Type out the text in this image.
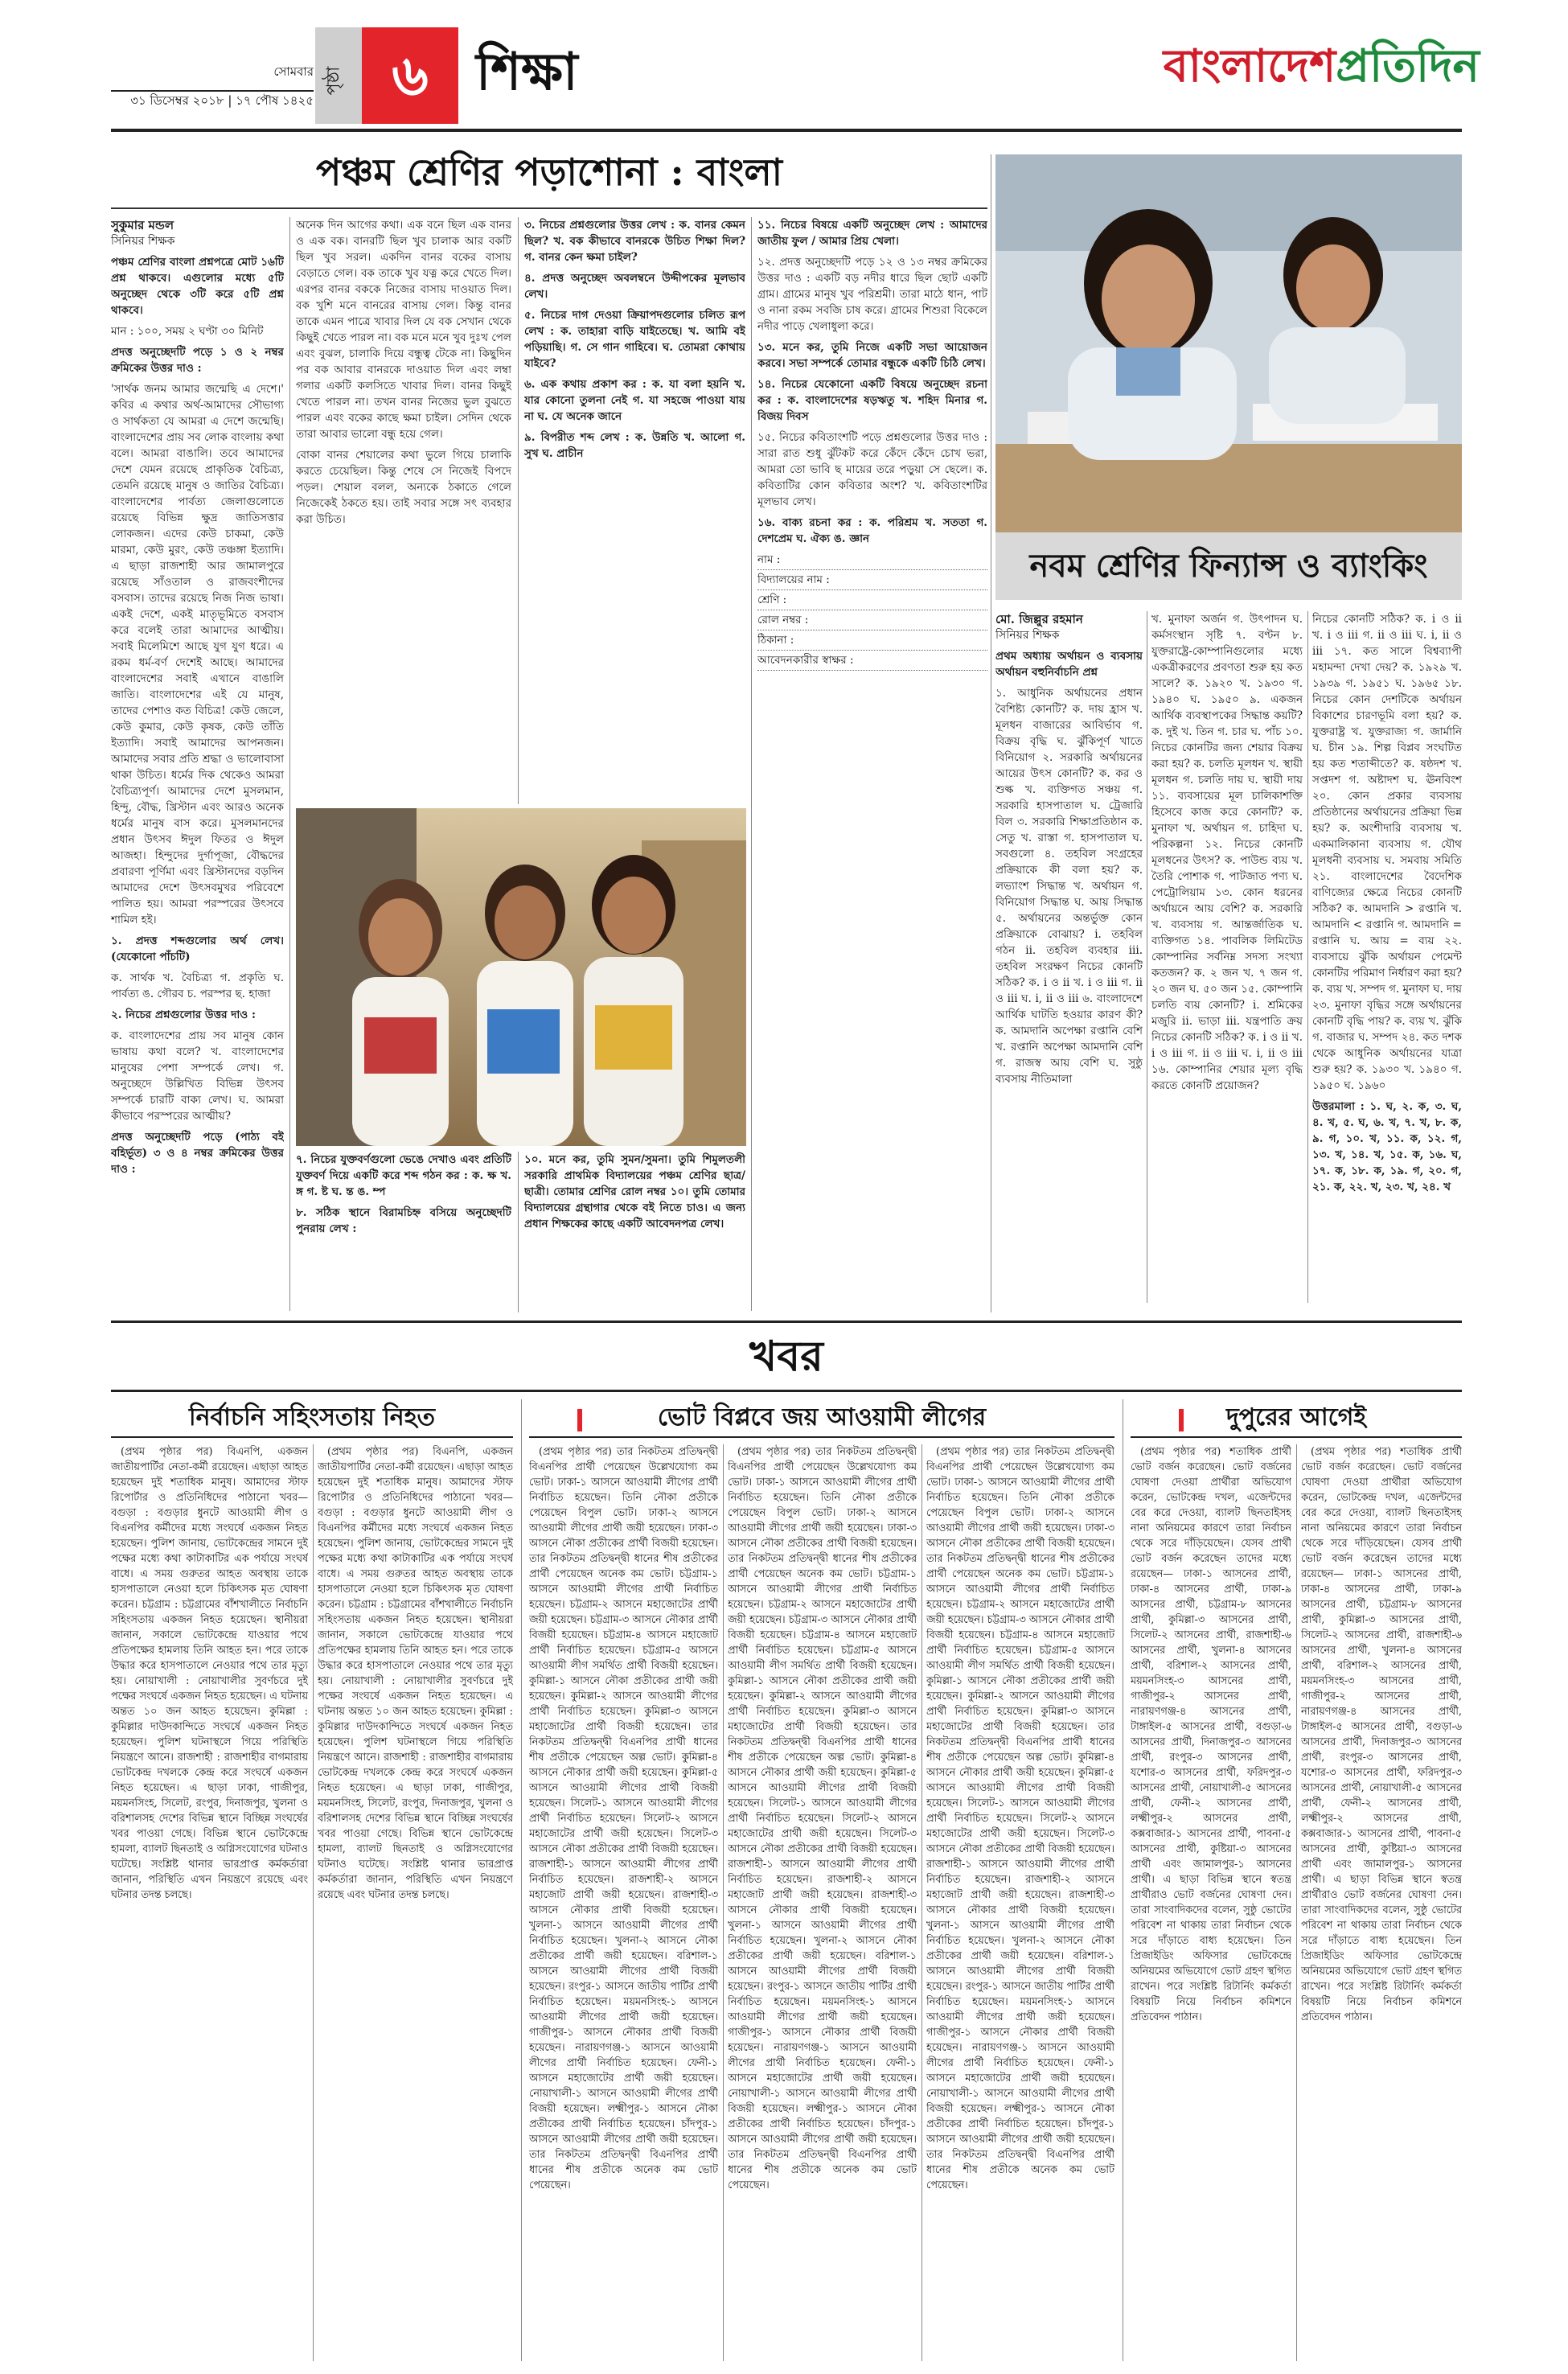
সোমবার
৩১ ডিসেম্বর ২০১৮ | ১৭ পৌষ ১৪২৫
পৃষ্ঠা ৬ শিক্ষা	বাংলাদেশপ্রতিদিন
পঞ্চম শ্রেণির পড়াশোনা : বাংলা

সুকুমার মন্ডল
সিনিয়র শিক্ষক

পঞ্চম শ্রেণির বাংলা প্রশ্নপত্রে মোট ১৬টি প্রশ্ন থাকবে। এগুলোর মধ্যে ৫টি অনুচ্ছেদ থেকে ৩টি করে ৫টি প্রশ্ন থাকবে।

মান : ১০০, সময় ২ ঘণ্টা ৩০ মিনিট

প্রদত্ত অনুচ্ছেদটি পড়ে ১ ও ২ নম্বর ক্রমিকের উত্তর দাও :

'সার্থক জনম আমার জন্মেছি এ দেশে।' কবির এ কথার অর্থ-আমাদের সৌভাগ্য ও সার্থকতা যে আমরা এ দেশে জন্মেছি। বাংলাদেশের প্রায় সব লোক বাংলায় কথা বলে। আমরা বাঙালি। তবে আমাদের দেশে যেমন রয়েছে প্রাকৃতিক বৈচিত্র্য, তেমনি রয়েছে মানুষ ও জাতির বৈচিত্র্য। বাংলাদেশের পার্বত্য জেলাগুলোতে রয়েছে বিভিন্ন ক্ষুদ্র জাতিসত্তার লোকজন। এদের কেউ চাকমা, কেউ মারমা, কেউ মুরং, কেউ তঞ্চঙ্গা ইত্যাদি। এ ছাড়া রাজশাহী আর জামালপুরে রয়েছে সাঁওতাল ও রাজবংশীদের বসবাস। তাদের রয়েছে নিজ নিজ ভাষা। একই দেশে, একই মাতৃভূমিতে বসবাস করে বলেই তারা আমাদের আত্মীয়। সবাই মিলেমিশে আছে যুগ যুগ ধরে। এ রকম ধর্ম-বর্ণ দেশেই আছে। আমাদের বাংলাদেশের সবাই এখানে বাঙালি জাতি। বাংলাদেশের এই যে মানুষ, তাদের পেশাও কত বিচিত্র! কেউ জেলে, কেউ কুমার, কেউ কৃষক, কেউ তাঁতি ইত্যাদি। সবাই আমাদের আপনজন। আমাদের সবার প্রতি শ্রদ্ধা ও ভালোবাসা থাকা উচিত। ধর্মের দিক থেকেও আমরা বৈচিত্র্যপূর্ণ। আমাদের দেশে মুসলমান, হিন্দু, বৌদ্ধ, খ্রিস্টান এবং আরও অনেক ধর্মের মানুষ বাস করে। মুসলমানদের প্রধান উৎসব ঈদুল ফিতর ও ঈদুল আজহা। হিন্দুদের দুর্গাপূজা, বৌদ্ধদের প্রবারণা পূর্ণিমা এবং খ্রিস্টানদের বড়দিন আমাদের দেশে উৎসবমুখর পরিবেশে পালিত হয়। আমরা পরস্পরের উৎসবে শামিল হই।

১. প্রদত্ত শব্দগুলোর অর্থ লেখ। (যেকোনো পাঁচটি)

ক. সার্থক খ. বৈচিত্র্য গ. প্রকৃতি ঘ. পার্বত্য ঙ. গৌরব চ. পরস্পর ছ. হাজা

২. নিচের প্রশ্নগুলোর উত্তর দাও :

ক. বাংলাদেশের প্রায় সব মানুষ কোন ভাষায় কথা বলে? খ. বাংলাদেশের মানুষের পেশা সম্পর্কে লেখ। গ. অনুচ্ছেদে উল্লিখিত বিভিন্ন উৎসব সম্পর্কে চারটি বাক্য লেখ। ঘ. আমরা কীভাবে পরস্পরের আত্মীয়?

প্রদত্ত অনুচ্ছেদটি পড়ে (পাঠ্য বই বহির্ভূত) ৩ ও ৪ নম্বর ক্রমিকের উত্তর দাও :

অনেক দিন আগের কথা। এক বনে ছিল এক বানর ও এক বক। বানরটি ছিল খুব চালাক আর বকটি ছিল খুব সরল। একদিন বানর বকের বাসায় বেড়াতে গেল। বক তাকে খুব যত্ন করে খেতে দিল। এরপর বানর বককে নিজের বাসায় দাওয়াত দিল। বক খুশি মনে বানরের বাসায় গেল। কিন্তু বানর তাকে এমন পাত্রে খাবার দিল যে বক সেখান থেকে কিছুই খেতে পারল না। বক মনে মনে খুব দুঃখ পেল এবং বুঝল, চালাকি দিয়ে বন্ধুত্ব টেকে না। কিছুদিন পর বক আবার বানরকে দাওয়াত দিল এবং লম্বা গলার একটি কলসিতে খাবার দিল। বানর কিছুই খেতে পারল না। তখন বানর নিজের ভুল বুঝতে পারল এবং বকের কাছে ক্ষমা চাইল। সেদিন থেকে তারা আবার ভালো বন্ধু হয়ে গেল।

বোকা বানর শেয়ালের কথা ভুলে গিয়ে চালাকি করতে চেয়েছিল। কিন্তু শেষে সে নিজেই বিপদে পড়ল। শেয়াল বলল, অন্যকে ঠকাতে গেলে নিজেকেই ঠকতে হয়। তাই সবার সঙ্গে সৎ ব্যবহার করা উচিত।

৩. নিচের প্রশ্নগুলোর উত্তর লেখ : ক. বানর কেমন ছিল? খ. বক কীভাবে বানরকে উচিত শিক্ষা দিল? গ. বানর কেন ক্ষমা চাইল?

৪. প্রদত্ত অনুচ্ছেদ অবলম্বনে উদ্দীপকের মূলভাব লেখ।

৫. নিচের দাগ দেওয়া ক্রিয়াপদগুলোর চলিত রূপ লেখ : ক. তাহারা বাড়ি যাইতেছে। খ. আমি বই পড়িয়াছি। গ. সে গান গাহিবে। ঘ. তোমরা কোথায় যাইবে?

৬. এক কথায় প্রকাশ কর : ক. যা বলা হয়নি খ. যার কোনো তুলনা নেই গ. যা সহজে পাওয়া যায় না ঘ. যে অনেক জানে

৯. বিপরীত শব্দ লেখ : ক. উন্নতি খ. আলো গ. সুখ ঘ. প্রাচীন

৭. নিচের যুক্তবর্ণগুলো ভেঙে দেখাও এবং প্রতিটি যুক্তবর্ণ দিয়ে একটি করে শব্দ গঠন কর : ক. ক্ষ খ. ঙ্গ গ. ষ্ট ঘ. ন্ত ঙ. ম্প

৮. সঠিক স্থানে বিরামচিহ্ন বসিয়ে অনুচ্ছেদটি পুনরায় লেখ :

১০. মনে কর, তুমি সুমন/সুমনা। তুমি শিমুলতলী সরকারি প্রাথমিক বিদ্যালয়ের পঞ্চম শ্রেণির ছাত্র/ছাত্রী। তোমার শ্রেণির রোল নম্বর ১০। তুমি তোমার বিদ্যালয়ের গ্রন্থাগার থেকে বই নিতে চাও। এ জন্য প্রধান শিক্ষকের কাছে একটি আবেদনপত্র লেখ।

১১. নিচের বিষয়ে একটি অনুচ্ছেদ লেখ : আমাদের জাতীয় ফুল / আমার প্রিয় খেলা।

১২. প্রদত্ত অনুচ্ছেদটি পড়ে ১২ ও ১৩ নম্বর ক্রমিকের উত্তর দাও : একটি বড় নদীর ধারে ছিল ছোট একটি গ্রাম। গ্রামের মানুষ খুব পরিশ্রমী। তারা মাঠে ধান, পাট ও নানা রকম সবজি চাষ করে। গ্রামের শিশুরা বিকেলে নদীর পাড়ে খেলাধুলা করে।

১৩. মনে কর, তুমি নিজে একটি সভা আয়োজন করবে। সভা সম্পর্কে তোমার বন্ধুকে একটি চিঠি লেখ।

১৪. নিচের যেকোনো একটি বিষয়ে অনুচ্ছেদ রচনা কর : ক. বাংলাদেশের ষড়ঋতু খ. শহিদ মিনার গ. বিজয় দিবস

১৫. নিচের কবিতাংশটি পড়ে প্রশ্নগুলোর উত্তর দাও : সারা রাত শুধু ঝুঁটকট করে কেঁদে কেঁদে চোখ ভরা, আমরা তো ভাবি ছ মায়ের তরে পড়ুয়া সে ছেলে। ক. কবিতাটির কোন কবিতার অংশ? খ. কবিতাংশটির মূলভাব লেখ।

১৬. বাক্য রচনা কর : ক. পরিশ্রম খ. সততা গ. দেশপ্রেম ঘ. ঐক্য ঙ. জ্ঞান

নাম :
বিদ্যালয়ের নাম :
শ্রেণি :
রোল নম্বর :
ঠিকানা :
আবেদনকারীর স্বাক্ষর :
নবম শ্রেণির ফিন্যান্স ও ব্যাংকিং

মো. জিল্লুর রহমান
সিনিয়র শিক্ষক

প্রথম অধ্যায় অর্থায়ন ও ব্যবসায় অর্থায়ন বহুনির্বাচনি প্রশ্ন

১. আধুনিক অর্থায়নের প্রধান বৈশিষ্ট্য কোনটি? ক. দায় হ্রাস খ. মূলধন বাজারের আবির্ভাব গ. বিক্রয় বৃদ্ধি ঘ. ঝুঁকিপূর্ণ খাতে বিনিয়োগ ২. সরকারি অর্থায়নের আয়ের উৎস কোনটি? ক. কর ও শুল্ক খ. ব্যক্তিগত সঞ্চয় গ. সরকারি হাসপাতাল ঘ. ট্রেজারি বিল ৩. সরকারি শিক্ষাপ্রতিষ্ঠান ক. সেতু খ. রাস্তা গ. হাসপাতাল ঘ. সবগুলো ৪. তহবিল সংগ্রহের প্রক্রিয়াকে কী বলা হয়? ক. লভ্যাংশ সিদ্ধান্ত খ. অর্থায়ন গ. বিনিয়োগ সিদ্ধান্ত ঘ. আয় সিদ্ধান্ত ৫. অর্থায়নের অন্তর্ভুক্ত কোন প্রক্রিয়াকে বোঝায়? i. তহবিল গঠন ii. তহবিল ব্যবহার iii. তহবিল সংরক্ষণ নিচের কোনটি সঠিক? ক. i ও ii খ. i ও iii গ. ii ও iii ঘ. i, ii ও iii ৬. বাংলাদেশে আর্থিক ঘাটতি হওয়ার কারণ কী? ক. আমদানি অপেক্ষা রপ্তানি বেশি খ. রপ্তানি অপেক্ষা আমদানি বেশি গ. রাজস্ব আয় বেশি ঘ. সুষ্ঠু ব্যবসায় নীতিমালা

খ. মুনাফা অর্জন গ. উৎপাদন ঘ. কর্মসংস্থান সৃষ্টি ৭. বণ্টন ৮. যুক্তরাষ্ট্রে-কোম্পানিগুলোর মধ্যে একত্রীকরণের প্রবণতা শুরু হয় কত সালে? ক. ১৯২০ খ. ১৯৩০ গ. ১৯৪০ ঘ. ১৯৫০ ৯. একজন আর্থিক ব্যবস্থাপকের সিদ্ধান্ত কয়টি? ক. দুই খ. তিন গ. চার ঘ. পাঁচ ১০. নিচের কোনটির জন্য শেয়ার বিক্রয় করা হয়? ক. চলতি মূলধন খ. স্থায়ী মূলধন গ. চলতি দায় ঘ. স্থায়ী দায় ১১. ব্যবসায়ের মূল চালিকাশক্তি হিসেবে কাজ করে কোনটি? ক. মুনাফা খ. অর্থায়ন গ. চাহিদা ঘ. পরিকল্পনা ১২. নিচের কোনটি মূলধনের উৎস? ক. পাউন্ড ব্যয় খ. তৈরি পোশাক গ. পাটজাত পণ্য ঘ. পেট্রোলিয়াম ১৩. কোন ধরনের অর্থায়নে আয় বেশি? ক. সরকারি খ. ব্যবসায় গ. আন্তর্জাতিক ঘ. ব্যক্তিগত ১৪. পাবলিক লিমিটেড কোম্পানির সর্বনিম্ন সদস্য সংখ্যা কতজন? ক. ২ জন খ. ৭ জন গ. ২০ জন ঘ. ৫০ জন ১৫. কোম্পানি চলতি ব্যয় কোনটি? i. শ্রমিকের মজুরি ii. ভাড়া iii. যন্ত্রপাতি ক্রয় নিচের কোনটি সঠিক? ক. i ও ii খ. i ও iii গ. ii ও iii ঘ. i, ii ও iii ১৬. কোম্পানির শেয়ার মূল্য বৃদ্ধি করতে কোনটি প্রয়োজন?

নিচের কোনটি সঠিক? ক. i ও ii খ. i ও iii গ. ii ও iii ঘ. i, ii ও iii ১৭. কত সালে বিশ্বব্যাপী মহামন্দা দেখা দেয়? ক. ১৯২৯ খ. ১৯৩৯ গ. ১৯৫১ ঘ. ১৯৬৫ ১৮. নিচের কোন দেশটিকে অর্থায়ন বিকাশের চারণভূমি বলা হয়? ক. যুক্তরাষ্ট্র খ. যুক্তরাজ্য গ. জার্মানি ঘ. চীন ১৯. শিল্প বিপ্লব সংঘটিত হয় কত শতাব্দীতে? ক. ষষ্ঠদশ খ. সপ্তদশ গ. অষ্টাদশ ঘ. ঊনবিংশ ২০. কোন প্রকার ব্যবসায় প্রতিষ্ঠানের অর্থায়নের প্রক্রিয়া ভিন্ন হয়? ক. অংশীদারি ব্যবসায় খ. একমালিকানা ব্যবসায় গ. যৌথ মূলধনী ব্যবসায় ঘ. সমবায় সমিতি ২১. বাংলাদেশের বৈদেশিক বাণিজ্যের ক্ষেত্রে নিচের কোনটি সঠিক? ক. আমদানি > রপ্তানি খ. আমদানি < রপ্তানি গ. আমদানি = রপ্তানি ঘ. আয় = ব্যয় ২২. ব্যবসায়ে ঝুঁকি অর্থায়ন পেমেন্ট কোনটির পরিমাণ নির্ধারণ করা হয়? ক. ব্যয় খ. সম্পদ গ. মুনাফা ঘ. দায় ২৩. মুনাফা বৃদ্ধির সঙ্গে অর্থায়নের কোনটি বৃদ্ধি পায়? ক. ব্যয় খ. ঝুঁকি গ. বাজার ঘ. সম্পদ ২৪. কত দশক থেকে আধুনিক অর্থায়নের যাত্রা শুরু হয়? ক. ১৯৩০ খ. ১৯৪০ গ. ১৯৫০ ঘ. ১৯৬০

উত্তরমালা : ১. ঘ, ২. ক, ৩. ঘ, ৪. খ, ৫. ঘ, ৬. খ, ৭. খ, ৮. ক, ৯. গ, ১০. খ, ১১. ক, ১২. গ, ১৩. খ, ১৪. খ, ১৫. ক, ১৬. ঘ, ১৭. ক, ১৮. ক, ১৯. গ, ২০. গ, ২১. ক, ২২. খ, ২৩. খ, ২৪. খ

খবর
নির্বাচনি সহিংসতায় নিহত

(প্রথম পৃষ্ঠার পর) বিএনপি, একজন জাতীয়পার্টির নেতা-কর্মী রয়েছেন। এছাড়া আহত হয়েছেন দুই শতাধিক মানুষ। আমাদের স্টাফ রিপোর্টার ও প্রতিনিধিদের পাঠানো খবর— বগুড়া : বগুড়ার ধুনটে আওয়ামী লীগ ও বিএনপির কর্মীদের মধ্যে সংঘর্ষে একজন নিহত হয়েছেন। পুলিশ জানায়, ভোটকেন্দ্রের সামনে দুই পক্ষের মধ্যে কথা কাটাকাটির এক পর্যায়ে সংঘর্ষ বাধে। এ সময় গুরুতর আহত অবস্থায় তাকে হাসপাতালে নেওয়া হলে চিকিৎসক মৃত ঘোষণা করেন। চট্টগ্রাম : চট্টগ্রামের বাঁশখালীতে নির্বাচনি সহিংসতায় একজন নিহত হয়েছেন। স্থানীয়রা জানান, সকালে ভোটকেন্দ্রে যাওয়ার পথে প্রতিপক্ষের হামলায় তিনি আহত হন। পরে তাকে উদ্ধার করে হাসপাতালে নেওয়ার পথে তার মৃত্যু হয়। নোয়াখালী : নোয়াখালীর সুবর্ণচরে দুই পক্ষের সংঘর্ষে একজন নিহত হয়েছেন। এ ঘটনায় অন্তত ১০ জন আহত হয়েছেন। কুমিল্লা : কুমিল্লার দাউদকান্দিতে সংঘর্ষে একজন নিহত হয়েছেন। পুলিশ ঘটনাস্থলে গিয়ে পরিস্থিতি নিয়ন্ত্রণে আনে। রাজশাহী : রাজশাহীর বাগমারায় ভোটকেন্দ্র দখলকে কেন্দ্র করে সংঘর্ষে একজন নিহত হয়েছেন। এ ছাড়া ঢাকা, গাজীপুর, ময়মনসিংহ, সিলেট, রংপুর, দিনাজপুর, খুলনা ও বরিশালসহ দেশের বিভিন্ন স্থানে বিচ্ছিন্ন সংঘর্ষের খবর পাওয়া গেছে। বিভিন্ন স্থানে ভোটকেন্দ্রে হামলা, ব্যালট ছিনতাই ও অগ্নিসংযোগের ঘটনাও ঘটেছে। সংশ্লিষ্ট থানার ভারপ্রাপ্ত কর্মকর্তারা জানান, পরিস্থিতি এখন নিয়ন্ত্রণে রয়েছে এবং ঘটনার তদন্ত চলছে।

(প্রথম পৃষ্ঠার পর) বিএনপি, একজন জাতীয়পার্টির নেতা-কর্মী রয়েছেন। এছাড়া আহত হয়েছেন দুই শতাধিক মানুষ। আমাদের স্টাফ রিপোর্টার ও প্রতিনিধিদের পাঠানো খবর— বগুড়া : বগুড়ার ধুনটে আওয়ামী লীগ ও বিএনপির কর্মীদের মধ্যে সংঘর্ষে একজন নিহত হয়েছেন। পুলিশ জানায়, ভোটকেন্দ্রের সামনে দুই পক্ষের মধ্যে কথা কাটাকাটির এক পর্যায়ে সংঘর্ষ বাধে। এ সময় গুরুতর আহত অবস্থায় তাকে হাসপাতালে নেওয়া হলে চিকিৎসক মৃত ঘোষণা করেন। চট্টগ্রাম : চট্টগ্রামের বাঁশখালীতে নির্বাচনি সহিংসতায় একজন নিহত হয়েছেন। স্থানীয়রা জানান, সকালে ভোটকেন্দ্রে যাওয়ার পথে প্রতিপক্ষের হামলায় তিনি আহত হন। পরে তাকে উদ্ধার করে হাসপাতালে নেওয়ার পথে তার মৃত্যু হয়। নোয়াখালী : নোয়াখালীর সুবর্ণচরে দুই পক্ষের সংঘর্ষে একজন নিহত হয়েছেন। এ ঘটনায় অন্তত ১০ জন আহত হয়েছেন। কুমিল্লা : কুমিল্লার দাউদকান্দিতে সংঘর্ষে একজন নিহত হয়েছেন। পুলিশ ঘটনাস্থলে গিয়ে পরিস্থিতি নিয়ন্ত্রণে আনে। রাজশাহী : রাজশাহীর বাগমারায় ভোটকেন্দ্র দখলকে কেন্দ্র করে সংঘর্ষে একজন নিহত হয়েছেন। এ ছাড়া ঢাকা, গাজীপুর, ময়মনসিংহ, সিলেট, রংপুর, দিনাজপুর, খুলনা ও বরিশালসহ দেশের বিভিন্ন স্থানে বিচ্ছিন্ন সংঘর্ষের খবর পাওয়া গেছে। বিভিন্ন স্থানে ভোটকেন্দ্রে হামলা, ব্যালট ছিনতাই ও অগ্নিসংযোগের ঘটনাও ঘটেছে। সংশ্লিষ্ট থানার ভারপ্রাপ্ত কর্মকর্তারা জানান, পরিস্থিতি এখন নিয়ন্ত্রণে রয়েছে এবং ঘটনার তদন্ত চলছে।

ভোট বিপ্লবে জয় আওয়ামী লীগের

(প্রথম পৃষ্ঠার পর) তার নিকটতম প্রতিদ্বন্দ্বী বিএনপির প্রার্থী পেয়েছেন উল্লেখযোগ্য কম ভোট। ঢাকা-১ আসনে আওয়ামী লীগের প্রার্থী নির্বাচিত হয়েছেন। তিনি নৌকা প্রতীকে পেয়েছেন বিপুল ভোট। ঢাকা-২ আসনে আওয়ামী লীগের প্রার্থী জয়ী হয়েছেন। ঢাকা-৩ আসনে নৌকা প্রতীকের প্রার্থী বিজয়ী হয়েছেন। তার নিকটতম প্রতিদ্বন্দ্বী ধানের শীষ প্রতীকের প্রার্থী পেয়েছেন অনেক কম ভোট। চট্টগ্রাম-১ আসনে আওয়ামী লীগের প্রার্থী নির্বাচিত হয়েছেন। চট্টগ্রাম-২ আসনে মহাজোটের প্রার্থী জয়ী হয়েছেন। চট্টগ্রাম-৩ আসনে নৌকার প্রার্থী বিজয়ী হয়েছেন। চট্টগ্রাম-৪ আসনে মহাজোট প্রার্থী নির্বাচিত হয়েছেন। চট্টগ্রাম-৫ আসনে আওয়ামী লীগ সমর্থিত প্রার্থী বিজয়ী হয়েছেন। কুমিল্লা-১ আসনে নৌকা প্রতীকের প্রার্থী জয়ী হয়েছেন। কুমিল্লা-২ আসনে আওয়ামী লীগের প্রার্থী নির্বাচিত হয়েছেন। কুমিল্লা-৩ আসনে মহাজোটের প্রার্থী বিজয়ী হয়েছেন। তার নিকটতম প্রতিদ্বন্দ্বী বিএনপির প্রার্থী ধানের শীষ প্রতীকে পেয়েছেন অল্প ভোট। কুমিল্লা-৪ আসনে নৌকার প্রার্থী জয়ী হয়েছেন। কুমিল্লা-৫ আসনে আওয়ামী লীগের প্রার্থী বিজয়ী হয়েছেন। সিলেট-১ আসনে আওয়ামী লীগের প্রার্থী নির্বাচিত হয়েছেন। সিলেট-২ আসনে মহাজোটের প্রার্থী জয়ী হয়েছেন। সিলেট-৩ আসনে নৌকা প্রতীকের প্রার্থী বিজয়ী হয়েছেন। রাজশাহী-১ আসনে আওয়ামী লীগের প্রার্থী নির্বাচিত হয়েছেন। রাজশাহী-২ আসনে মহাজোট প্রার্থী জয়ী হয়েছেন। রাজশাহী-৩ আসনে নৌকার প্রার্থী বিজয়ী হয়েছেন। খুলনা-১ আসনে আওয়ামী লীগের প্রার্থী নির্বাচিত হয়েছেন। খুলনা-২ আসনে নৌকা প্রতীকের প্রার্থী জয়ী হয়েছেন। বরিশাল-১ আসনে আওয়ামী লীগের প্রার্থী বিজয়ী হয়েছেন। রংপুর-১ আসনে জাতীয় পার্টির প্রার্থী নির্বাচিত হয়েছেন। ময়মনসিংহ-১ আসনে আওয়ামী লীগের প্রার্থী জয়ী হয়েছেন। গাজীপুর-১ আসনে নৌকার প্রার্থী বিজয়ী হয়েছেন। নারায়ণগঞ্জ-১ আসনে আওয়ামী লীগের প্রার্থী নির্বাচিত হয়েছেন। ফেনী-১ আসনে মহাজোটের প্রার্থী জয়ী হয়েছেন। নোয়াখালী-১ আসনে আওয়ামী লীগের প্রার্থী বিজয়ী হয়েছেন। লক্ষ্মীপুর-১ আসনে নৌকা প্রতীকের প্রার্থী নির্বাচিত হয়েছেন। চাঁদপুর-১ আসনে আওয়ামী লীগের প্রার্থী জয়ী হয়েছেন। তার নিকটতম প্রতিদ্বন্দ্বী বিএনপির প্রার্থী ধানের শীষ প্রতীকে অনেক কম ভোট পেয়েছেন।

(প্রথম পৃষ্ঠার পর) তার নিকটতম প্রতিদ্বন্দ্বী বিএনপির প্রার্থী পেয়েছেন উল্লেখযোগ্য কম ভোট। ঢাকা-১ আসনে আওয়ামী লীগের প্রার্থী নির্বাচিত হয়েছেন। তিনি নৌকা প্রতীকে পেয়েছেন বিপুল ভোট। ঢাকা-২ আসনে আওয়ামী লীগের প্রার্থী জয়ী হয়েছেন। ঢাকা-৩ আসনে নৌকা প্রতীকের প্রার্থী বিজয়ী হয়েছেন। তার নিকটতম প্রতিদ্বন্দ্বী ধানের শীষ প্রতীকের প্রার্থী পেয়েছেন অনেক কম ভোট। চট্টগ্রাম-১ আসনে আওয়ামী লীগের প্রার্থী নির্বাচিত হয়েছেন। চট্টগ্রাম-২ আসনে মহাজোটের প্রার্থী জয়ী হয়েছেন। চট্টগ্রাম-৩ আসনে নৌকার প্রার্থী বিজয়ী হয়েছেন। চট্টগ্রাম-৪ আসনে মহাজোট প্রার্থী নির্বাচিত হয়েছেন। চট্টগ্রাম-৫ আসনে আওয়ামী লীগ সমর্থিত প্রার্থী বিজয়ী হয়েছেন। কুমিল্লা-১ আসনে নৌকা প্রতীকের প্রার্থী জয়ী হয়েছেন। কুমিল্লা-২ আসনে আওয়ামী লীগের প্রার্থী নির্বাচিত হয়েছেন। কুমিল্লা-৩ আসনে মহাজোটের প্রার্থী বিজয়ী হয়েছেন। তার নিকটতম প্রতিদ্বন্দ্বী বিএনপির প্রার্থী ধানের শীষ প্রতীকে পেয়েছেন অল্প ভোট। কুমিল্লা-৪ আসনে নৌকার প্রার্থী জয়ী হয়েছেন। কুমিল্লা-৫ আসনে আওয়ামী লীগের প্রার্থী বিজয়ী হয়েছেন। সিলেট-১ আসনে আওয়ামী লীগের প্রার্থী নির্বাচিত হয়েছেন। সিলেট-২ আসনে মহাজোটের প্রার্থী জয়ী হয়েছেন। সিলেট-৩ আসনে নৌকা প্রতীকের প্রার্থী বিজয়ী হয়েছেন। রাজশাহী-১ আসনে আওয়ামী লীগের প্রার্থী নির্বাচিত হয়েছেন। রাজশাহী-২ আসনে মহাজোট প্রার্থী জয়ী হয়েছেন। রাজশাহী-৩ আসনে নৌকার প্রার্থী বিজয়ী হয়েছেন। খুলনা-১ আসনে আওয়ামী লীগের প্রার্থী নির্বাচিত হয়েছেন। খুলনা-২ আসনে নৌকা প্রতীকের প্রার্থী জয়ী হয়েছেন। বরিশাল-১ আসনে আওয়ামী লীগের প্রার্থী বিজয়ী হয়েছেন। রংপুর-১ আসনে জাতীয় পার্টির প্রার্থী নির্বাচিত হয়েছেন। ময়মনসিংহ-১ আসনে আওয়ামী লীগের প্রার্থী জয়ী হয়েছেন। গাজীপুর-১ আসনে নৌকার প্রার্থী বিজয়ী হয়েছেন। নারায়ণগঞ্জ-১ আসনে আওয়ামী লীগের প্রার্থী নির্বাচিত হয়েছেন। ফেনী-১ আসনে মহাজোটের প্রার্থী জয়ী হয়েছেন। নোয়াখালী-১ আসনে আওয়ামী লীগের প্রার্থী বিজয়ী হয়েছেন। লক্ষ্মীপুর-১ আসনে নৌকা প্রতীকের প্রার্থী নির্বাচিত হয়েছেন। চাঁদপুর-১ আসনে আওয়ামী লীগের প্রার্থী জয়ী হয়েছেন। তার নিকটতম প্রতিদ্বন্দ্বী বিএনপির প্রার্থী ধানের শীষ প্রতীকে অনেক কম ভোট পেয়েছেন।

(প্রথম পৃষ্ঠার পর) তার নিকটতম প্রতিদ্বন্দ্বী বিএনপির প্রার্থী পেয়েছেন উল্লেখযোগ্য কম ভোট। ঢাকা-১ আসনে আওয়ামী লীগের প্রার্থী নির্বাচিত হয়েছেন। তিনি নৌকা প্রতীকে পেয়েছেন বিপুল ভোট। ঢাকা-২ আসনে আওয়ামী লীগের প্রার্থী জয়ী হয়েছেন। ঢাকা-৩ আসনে নৌকা প্রতীকের প্রার্থী বিজয়ী হয়েছেন। তার নিকটতম প্রতিদ্বন্দ্বী ধানের শীষ প্রতীকের প্রার্থী পেয়েছেন অনেক কম ভোট। চট্টগ্রাম-১ আসনে আওয়ামী লীগের প্রার্থী নির্বাচিত হয়েছেন। চট্টগ্রাম-২ আসনে মহাজোটের প্রার্থী জয়ী হয়েছেন। চট্টগ্রাম-৩ আসনে নৌকার প্রার্থী বিজয়ী হয়েছেন। চট্টগ্রাম-৪ আসনে মহাজোট প্রার্থী নির্বাচিত হয়েছেন। চট্টগ্রাম-৫ আসনে আওয়ামী লীগ সমর্থিত প্রার্থী বিজয়ী হয়েছেন। কুমিল্লা-১ আসনে নৌকা প্রতীকের প্রার্থী জয়ী হয়েছেন। কুমিল্লা-২ আসনে আওয়ামী লীগের প্রার্থী নির্বাচিত হয়েছেন। কুমিল্লা-৩ আসনে মহাজোটের প্রার্থী বিজয়ী হয়েছেন। তার নিকটতম প্রতিদ্বন্দ্বী বিএনপির প্রার্থী ধানের শীষ প্রতীকে পেয়েছেন অল্প ভোট। কুমিল্লা-৪ আসনে নৌকার প্রার্থী জয়ী হয়েছেন। কুমিল্লা-৫ আসনে আওয়ামী লীগের প্রার্থী বিজয়ী হয়েছেন। সিলেট-১ আসনে আওয়ামী লীগের প্রার্থী নির্বাচিত হয়েছেন। সিলেট-২ আসনে মহাজোটের প্রার্থী জয়ী হয়েছেন। সিলেট-৩ আসনে নৌকা প্রতীকের প্রার্থী বিজয়ী হয়েছেন। রাজশাহী-১ আসনে আওয়ামী লীগের প্রার্থী নির্বাচিত হয়েছেন। রাজশাহী-২ আসনে মহাজোট প্রার্থী জয়ী হয়েছেন। রাজশাহী-৩ আসনে নৌকার প্রার্থী বিজয়ী হয়েছেন। খুলনা-১ আসনে আওয়ামী লীগের প্রার্থী নির্বাচিত হয়েছেন। খুলনা-২ আসনে নৌকা প্রতীকের প্রার্থী জয়ী হয়েছেন। বরিশাল-১ আসনে আওয়ামী লীগের প্রার্থী বিজয়ী হয়েছেন। রংপুর-১ আসনে জাতীয় পার্টির প্রার্থী নির্বাচিত হয়েছেন। ময়মনসিংহ-১ আসনে আওয়ামী লীগের প্রার্থী জয়ী হয়েছেন। গাজীপুর-১ আসনে নৌকার প্রার্থী বিজয়ী হয়েছেন। নারায়ণগঞ্জ-১ আসনে আওয়ামী লীগের প্রার্থী নির্বাচিত হয়েছেন। ফেনী-১ আসনে মহাজোটের প্রার্থী জয়ী হয়েছেন। নোয়াখালী-১ আসনে আওয়ামী লীগের প্রার্থী বিজয়ী হয়েছেন। লক্ষ্মীপুর-১ আসনে নৌকা প্রতীকের প্রার্থী নির্বাচিত হয়েছেন। চাঁদপুর-১ আসনে আওয়ামী লীগের প্রার্থী জয়ী হয়েছেন। তার নিকটতম প্রতিদ্বন্দ্বী বিএনপির প্রার্থী ধানের শীষ প্রতীকে অনেক কম ভোট পেয়েছেন।

দুপুরের আগেই

(প্রথম পৃষ্ঠার পর) শতাধিক প্রার্থী ভোট বর্জন করেছেন। ভোট বর্জনের ঘোষণা দেওয়া প্রার্থীরা অভিযোগ করেন, ভোটকেন্দ্র দখল, এজেন্টদের বের করে দেওয়া, ব্যালট ছিনতাইসহ নানা অনিয়মের কারণে তারা নির্বাচন থেকে সরে দাঁড়িয়েছেন। যেসব প্রার্থী ভোট বর্জন করেছেন তাদের মধ্যে রয়েছেন— ঢাকা-১ আসনের প্রার্থী, ঢাকা-৪ আসনের প্রার্থী, ঢাকা-৯ আসনের প্রার্থী, চট্টগ্রাম-৮ আসনের প্রার্থী, কুমিল্লা-৩ আসনের প্রার্থী, সিলেট-২ আসনের প্রার্থী, রাজশাহী-৬ আসনের প্রার্থী, খুলনা-৪ আসনের প্রার্থী, বরিশাল-২ আসনের প্রার্থী, ময়মনসিংহ-৩ আসনের প্রার্থী, গাজীপুর-২ আসনের প্রার্থী, নারায়ণগঞ্জ-৪ আসনের প্রার্থী, টাঙ্গাইল-৫ আসনের প্রার্থী, বগুড়া-৬ আসনের প্রার্থী, দিনাজপুর-৩ আসনের প্রার্থী, রংপুর-৩ আসনের প্রার্থী, যশোর-৩ আসনের প্রার্থী, ফরিদপুর-৩ আসনের প্রার্থী, নোয়াখালী-৫ আসনের প্রার্থী, ফেনী-২ আসনের প্রার্থী, লক্ষ্মীপুর-২ আসনের প্রার্থী, কক্সবাজার-১ আসনের প্রার্থী, পাবনা-৫ আসনের প্রার্থী, কুষ্টিয়া-৩ আসনের প্রার্থী এবং জামালপুর-১ আসনের প্রার্থী। এ ছাড়া বিভিন্ন স্থানে স্বতন্ত্র প্রার্থীরাও ভোট বর্জনের ঘোষণা দেন। তারা সাংবাদিকদের বলেন, সুষ্ঠু ভোটের পরিবেশ না থাকায় তারা নির্বাচন থেকে সরে দাঁড়াতে বাধ্য হয়েছেন। তিন প্রিজাইডিং অফিসার ভোটকেন্দ্রে অনিয়মের অভিযোগে ভোট গ্রহণ স্থগিত রাখেন। পরে সংশ্লিষ্ট রিটার্নিং কর্মকর্তা বিষয়টি নিয়ে নির্বাচন কমিশনে প্রতিবেদন পাঠান।

(প্রথম পৃষ্ঠার পর) শতাধিক প্রার্থী ভোট বর্জন করেছেন। ভোট বর্জনের ঘোষণা দেওয়া প্রার্থীরা অভিযোগ করেন, ভোটকেন্দ্র দখল, এজেন্টদের বের করে দেওয়া, ব্যালট ছিনতাইসহ নানা অনিয়মের কারণে তারা নির্বাচন থেকে সরে দাঁড়িয়েছেন। যেসব প্রার্থী ভোট বর্জন করেছেন তাদের মধ্যে রয়েছেন— ঢাকা-১ আসনের প্রার্থী, ঢাকা-৪ আসনের প্রার্থী, ঢাকা-৯ আসনের প্রার্থী, চট্টগ্রাম-৮ আসনের প্রার্থী, কুমিল্লা-৩ আসনের প্রার্থী, সিলেট-২ আসনের প্রার্থী, রাজশাহী-৬ আসনের প্রার্থী, খুলনা-৪ আসনের প্রার্থী, বরিশাল-২ আসনের প্রার্থী, ময়মনসিংহ-৩ আসনের প্রার্থী, গাজীপুর-২ আসনের প্রার্থী, নারায়ণগঞ্জ-৪ আসনের প্রার্থী, টাঙ্গাইল-৫ আসনের প্রার্থী, বগুড়া-৬ আসনের প্রার্থী, দিনাজপুর-৩ আসনের প্রার্থী, রংপুর-৩ আসনের প্রার্থী, যশোর-৩ আসনের প্রার্থী, ফরিদপুর-৩ আসনের প্রার্থী, নোয়াখালী-৫ আসনের প্রার্থী, ফেনী-২ আসনের প্রার্থী, লক্ষ্মীপুর-২ আসনের প্রার্থী, কক্সবাজার-১ আসনের প্রার্থী, পাবনা-৫ আসনের প্রার্থী, কুষ্টিয়া-৩ আসনের প্রার্থী এবং জামালপুর-১ আসনের প্রার্থী। এ ছাড়া বিভিন্ন স্থানে স্বতন্ত্র প্রার্থীরাও ভোট বর্জনের ঘোষণা দেন। তারা সাংবাদিকদের বলেন, সুষ্ঠু ভোটের পরিবেশ না থাকায় তারা নির্বাচন থেকে সরে দাঁড়াতে বাধ্য হয়েছেন। তিন প্রিজাইডিং অফিসার ভোটকেন্দ্রে অনিয়মের অভিযোগে ভোট গ্রহণ স্থগিত রাখেন। পরে সংশ্লিষ্ট রিটার্নিং কর্মকর্তা বিষয়টি নিয়ে নির্বাচন কমিশনে প্রতিবেদন পাঠান।
